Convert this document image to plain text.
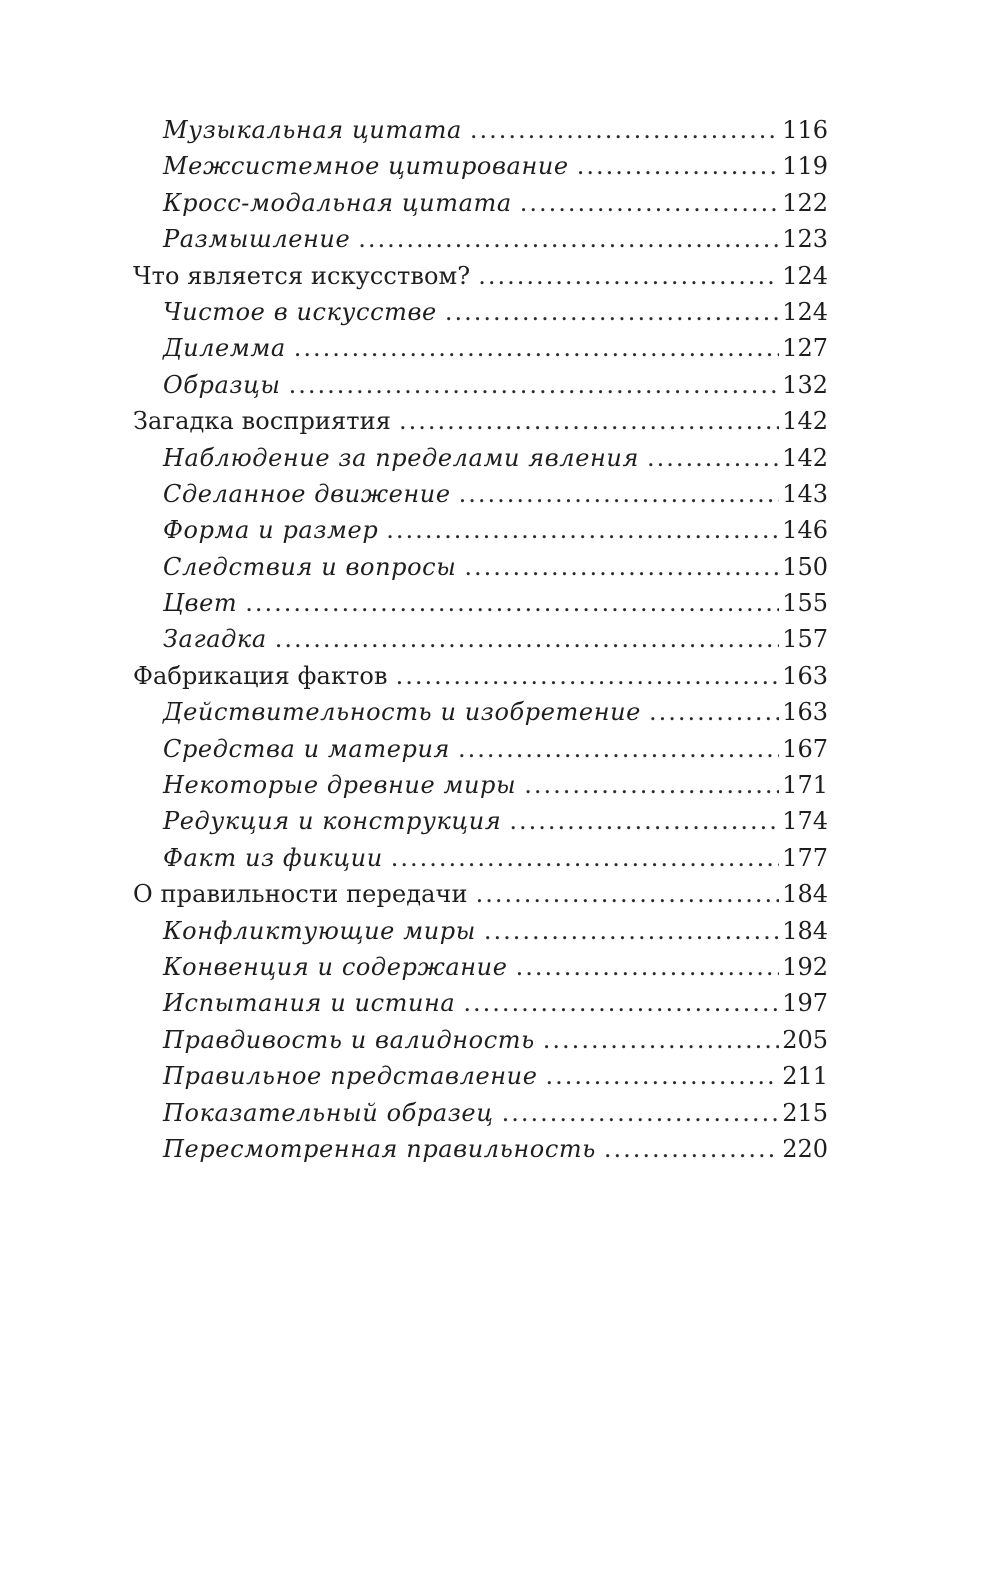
Музыкальная цитата .....	116
Межсистемное цитирование .....	119
Кросс-модальная цитата .....	122
Размышление .....	123
Что является искусством? .....	124
Чистое в искусстве .....	124
Дилемма .....	127
Образцы .....	132
Загадка восприятия .....	142
Наблюдение за пределами явления .....	142
Сделанное движение .....	143
Форма и размер .....	146
Следствия и вопросы .....	150
Цвет .....	155
Загадка .....	157
Фабрикация фактов .....	163
Действительность и изобретение .....	163
Средства и материя .....	167
Некоторые древние миры .....	171
Редукция и конструкция .....	174
Факт из фикции .....	177
О правильности передачи .....	184
Конфликтующие миры .....	184
Конвенция и содержание .....	192
Испытания и истина .....	197
Правдивость и валидность .....	205
Правильное представление .....	211
Показательный образец .....	215
Пересмотренная правильность .....	220
